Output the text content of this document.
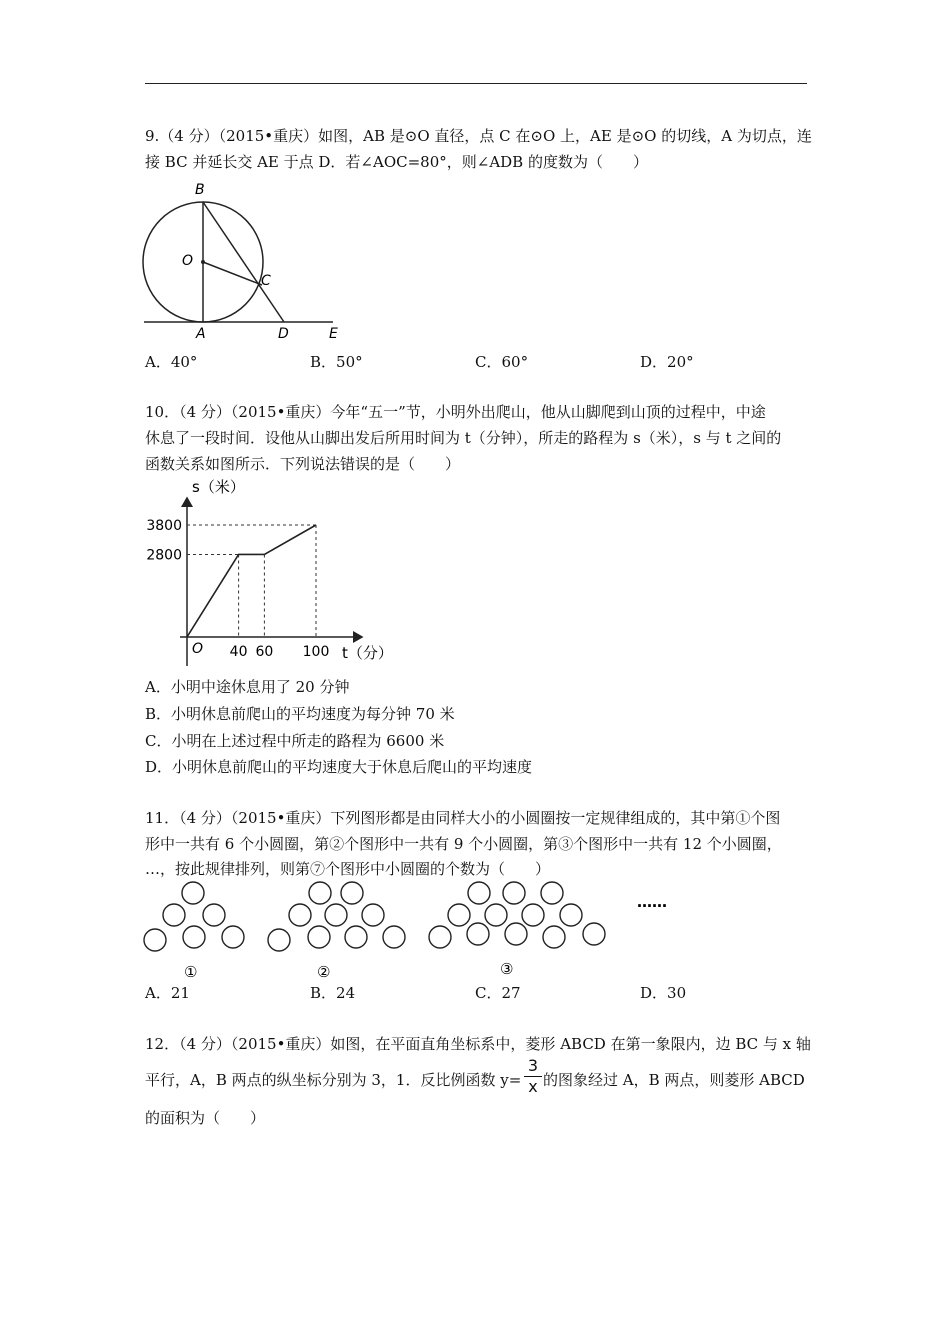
9.（4 分）（2015•重庆）如图，AB 是⊙O 直径，点 C 在⊙O 上，AE 是⊙O 的切线，A 为切点，连
接 BC 并延长交 AE 于点 D．若∠AOC=80°，则∠ADB 的度数为（　　）
B
O
C
A	D	E
A．40°	B．50°	C．60°	D．20°
10．（4 分）（2015•重庆）今年“五一”节，小明外出爬山，他从山脚爬到山顶的过程中，中途
休息了一段时间．设他从山脚出发后所用时间为 t（分钟），所走的路程为 s（米），s 与 t 之间的
函数关系如图所示．下列说法错误的是（　　）
s（米）
t（分）
O 40 60 100
2800
3800
A．小明中途休息用了 20 分钟
B．小明休息前爬山的平均速度为每分钟 70 米
C．小明在上述过程中所走的路程为 6600 米
D．小明休息前爬山的平均速度大于休息后爬山的平均速度
11．（4 分）（2015•重庆）下列图形都是由同样大小的小圆圈按一定规律组成的，其中第①个图
形中一共有 6 个小圆圈，第②个图形中一共有 9 个小圆圈，第③个图形中一共有 12 个小圆圈，
…，按此规律排列，则第⑦个图形中小圆圈的个数为（　　）
……
①	②	③
A．21	B．24	C．27	D．30
12．（4 分）（2015•重庆）如图，在平面直角坐标系中，菱形 ABCD 在第一象限内，边 BC 与 x 轴
平行，A，B 两点的纵坐标分别为 3，1．反比例函数 y=
3
x 的图象经过 A，B 两点，则菱形 ABCD
的面积为（　　）
